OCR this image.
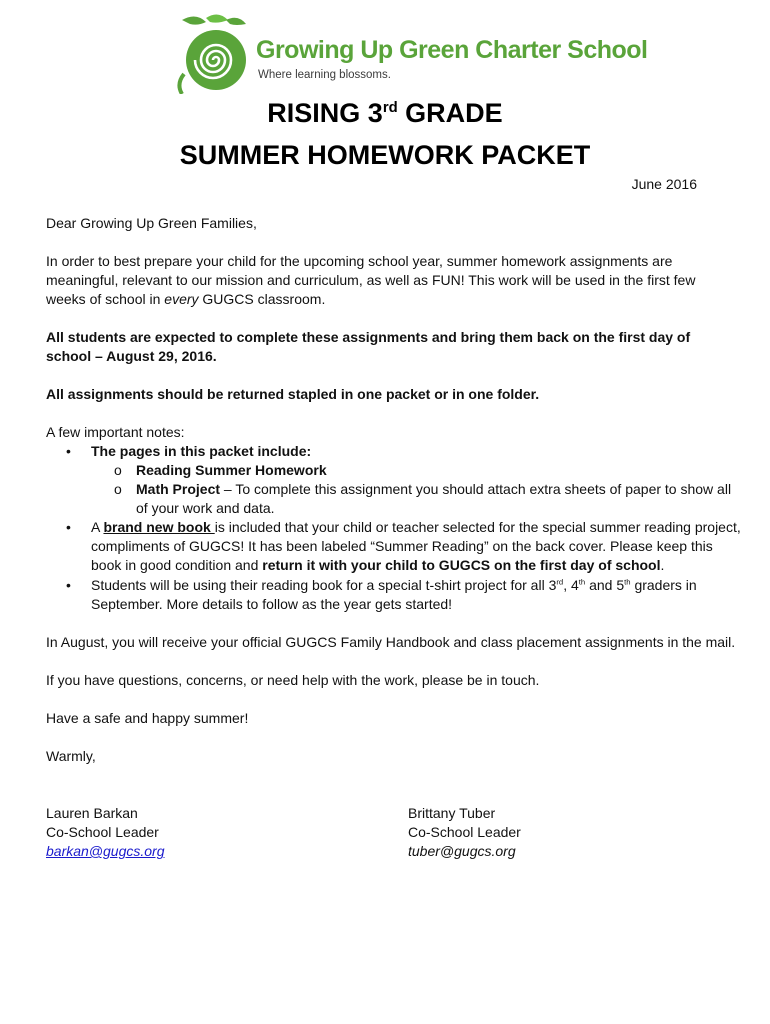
Growing Up Green Charter School
Where learning blossoms.
RISING 3rd GRADE
SUMMER HOMEWORK PACKET
June 2016
Dear Growing Up Green Families,
In order to best prepare your child for the upcoming school year, summer homework assignments are meaningful, relevant to our mission and curriculum, as well as FUN! This work will be used in the first few weeks of school in every GUGCS classroom.
All students are expected to complete these assignments and bring them back on the first day of school – August 29, 2016.
All assignments should be returned stapled in one packet or in one folder.
A few important notes:
• The pages in this packet include:
o Reading Summer Homework
o Math Project – To complete this assignment you should attach extra sheets of paper to show all of your work and data.
• A brand new book is included that your child or teacher selected for the special summer reading project, compliments of GUGCS! It has been labeled “Summer Reading” on the back cover. Please keep this book in good condition and return it with your child to GUGCS on the first day of school.
• Students will be using their reading book for a special t-shirt project for all 3rd, 4th and 5th graders in September. More details to follow as the year gets started!
In August, you will receive your official GUGCS Family Handbook and class placement assignments in the mail.
If you have questions, concerns, or need help with the work, please be in touch.
Have a safe and happy summer!
Warmly,
Lauren Barkan
Co-School Leader
barkan@gugcs.org
Brittany Tuber
Co-School Leader
tuber@gugcs.org
